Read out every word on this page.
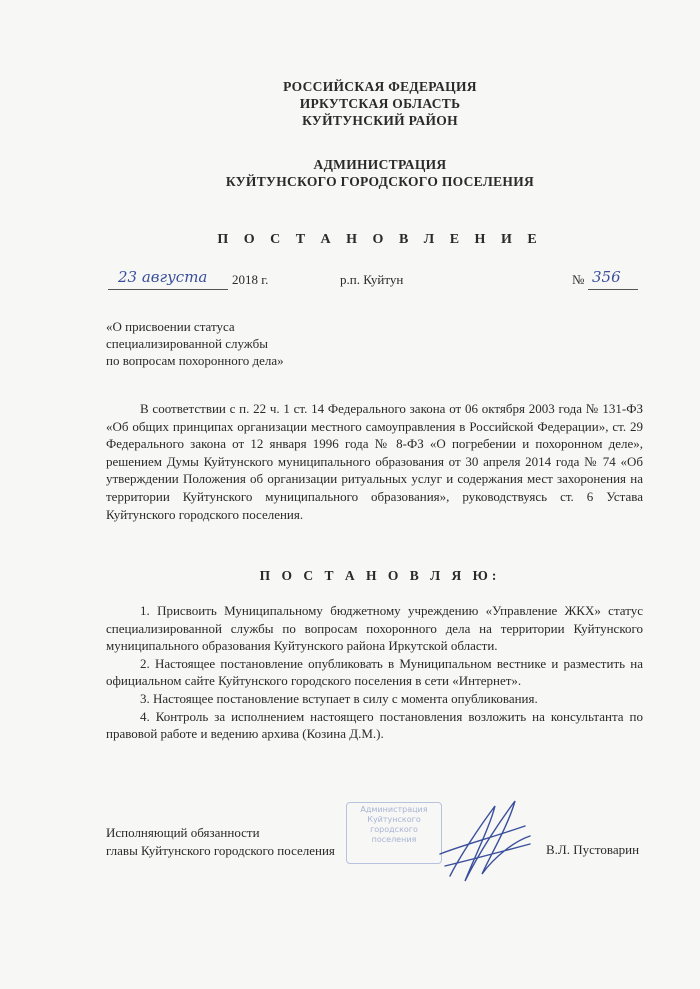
РОССИЙСКАЯ ФЕДЕРАЦИЯ
ИРКУТСКАЯ ОБЛАСТЬ
КУЙТУНСКИЙ РАЙОН
АДМИНИСТРАЦИЯ
КУЙТУНСКОГО ГОРОДСКОГО ПОСЕЛЕНИЯ
П О С Т А Н О В Л Е Н И Е
23 августа 2018 г.	р.п. Куйтун	№ 356
«О присвоении статуса
специализированной службы
по вопросам похоронного дела»

В соответствии с п. 22 ч. 1 ст. 14 Федерального закона от 06 октября 2003 года № 131-ФЗ «Об общих принципах организации местного самоуправления в Российской Федерации», ст. 29 Федерального закона от 12 января 1996 года № 8-ФЗ «О погребении и похоронном деле», решением Думы Куйтунского муниципального образования от 30 апреля 2014 года № 74 «Об утверждении Положения об организации ритуальных услуг и содержания мест захоронения на территории Куйтунского муниципального образования», руководствуясь ст. 6 Устава Куйтунского городского поселения.

П О С Т А Н О В Л Я Ю:

1. Присвоить Муниципальному бюджетному учреждению «Управление ЖКХ» статус специализированной службы по вопросам похоронного дела на территории Куйтунского муниципального образования Куйтунского района Иркутской области.

2. Настоящее постановление опубликовать в Муниципальном вестнике и разместить на официальном сайте Куйтунского городского поселения в сети «Интернет».

3. Настоящее постановление вступает в силу с момента опубликования.

4. Контроль за исполнением настоящего постановления возложить на консультанта по правовой работе и ведению архива (Козина Д.М.).

Исполняющий обязанности
главы Куйтунского городского поселения
Администрация
Куйтунского
городского
поселения
В.Л. Пустоварин
